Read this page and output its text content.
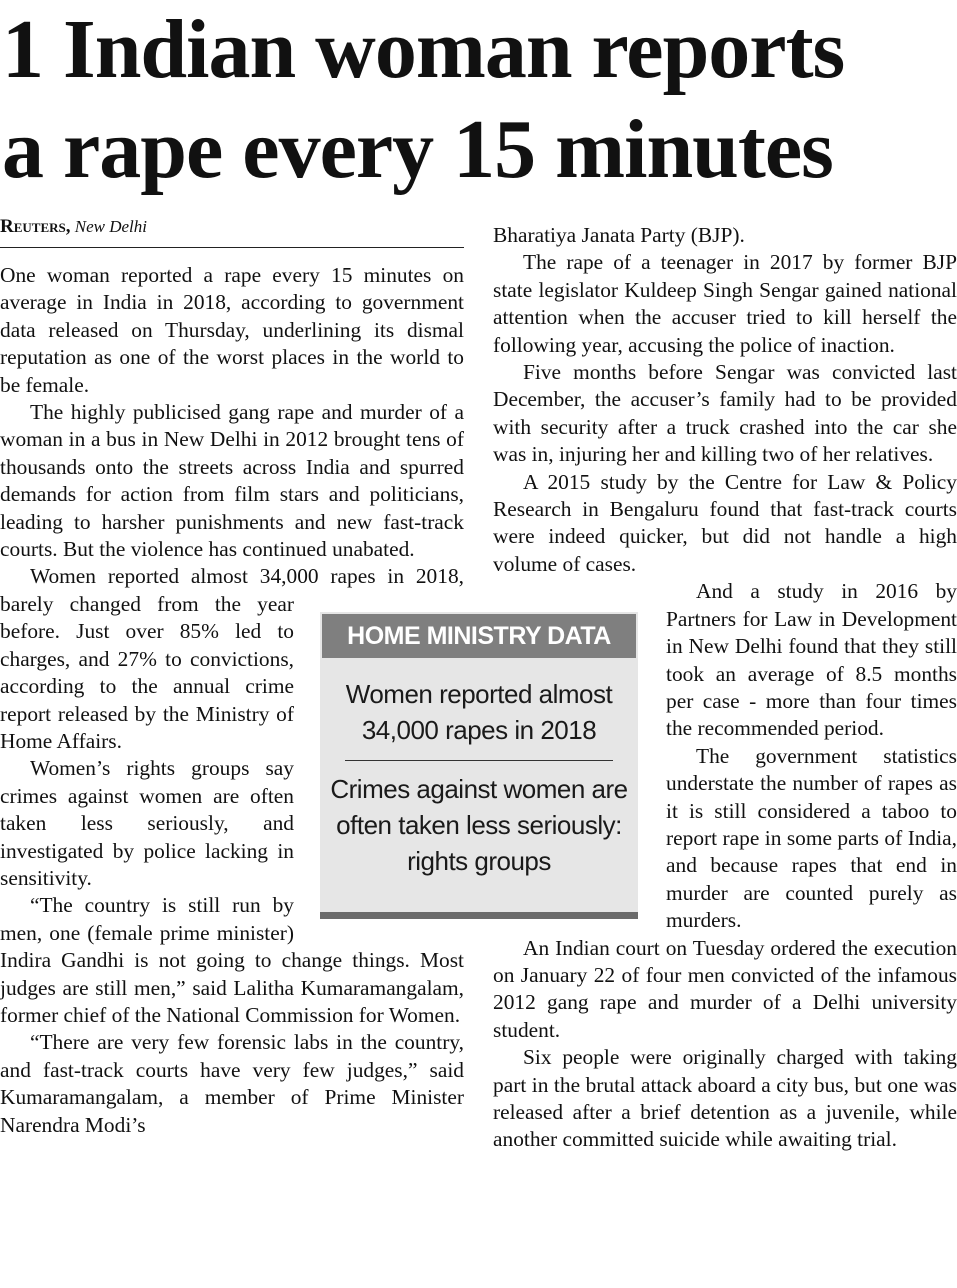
1 Indian woman reports
a rape every 15 minutes
Reuters, New Delhi

One woman reported a rape every 15 minutes on average in India in 2018, according to government data released on Thursday, underlining its dismal reputation as one of the worst places in the world to be female.

The highly publicised gang rape and murder of a woman in a bus in New Delhi in 2012 brought tens of thousands onto the streets across India and spurred demands for action from film stars and politicians, leading to harsher punishments and new fast-track courts. But the violence has continued unabated.

Women reported almost 34,000 rapes in 2018, barely changed from the year before. Just over 85% led to charges, and 27% to convictions, according to the annual crime report released by the Ministry of Home Affairs.

Women’s rights groups say crimes against women are often taken less seriously, and investigated by police lacking in sensitivity.

“The country is still run by men, one (female prime minister) Indira Gandhi is not going to change things. Most judges are still men,” said Lalitha Kumaramangalam, former chief of the National Commission for Women.

“There are very few forensic labs in the country, and fast-track courts have very few judges,” said Kumaramangalam, a member of Prime Minister Narendra Modi’s

Bharatiya Janata Party (BJP).

The rape of a teenager in 2017 by former BJP state legislator Kuldeep Singh Sengar gained national attention when the accuser tried to kill herself the following year, accusing the police of inaction.

Five months before Sengar was convicted last December, the accuser’s family had to be provided with security after a truck crashed into the car she was in, injuring her and killing two of her relatives.

A 2015 study by the Centre for Law & Policy Research in Bengaluru found that fast-track courts were indeed quicker, but did not handle a high volume of cases.

And a study in 2016 by Partners for Law in Development in New Delhi found that they still took an average of 8.5 months per case - more than four times the recommended period.

The government statistics understate the number of rapes as it is still considered a taboo to report rape in some parts of India, and because rapes that end in murder are counted purely as murders.

An Indian court on Tuesday ordered the execution on January 22 of four men convicted of the infamous 2012 gang rape and murder of a Delhi university student.

Six people were originally charged with taking part in the brutal attack aboard a city bus, but one was released after a brief detention as a juvenile, while another committed suicide while awaiting trial.

HOME MINISTRY DATA
Women reported almost 34,000 rapes in 2018
Crimes against women are often taken less seriously: rights groups
